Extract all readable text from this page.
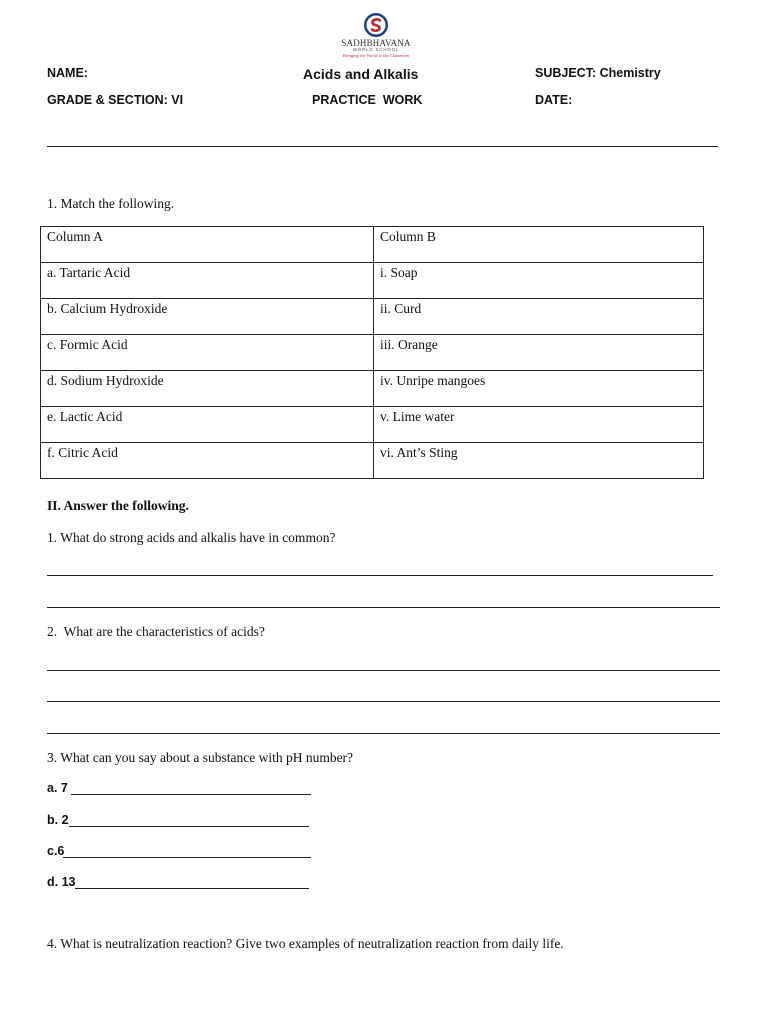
SADHBHAVANA
WORLD SCHOOL
Bringing the World to the Classroom
NAME:	Acids and Alkalis	SUBJECT: Chemistry
GRADE & SECTION: VI	PRACTICE  WORK	DATE:
1. Match the following.
Column A	Column B
a. Tartaric Acid	i. Soap
b. Calcium Hydroxide	ii. Curd
c. Formic Acid	iii. Orange
d. Sodium Hydroxide	iv. Unripe mangoes
e. Lactic Acid	v. Lime water
f. Citric Acid	vi. Ant’s Sting
II. Answer the following.
1. What do strong acids and alkalis have in common?
2.  What are the characteristics of acids?
3. What can you say about a substance with pH number?
a. 7
b. 2
c.6
d. 13
4. What is neutralization reaction? Give two examples of neutralization reaction from daily life.
